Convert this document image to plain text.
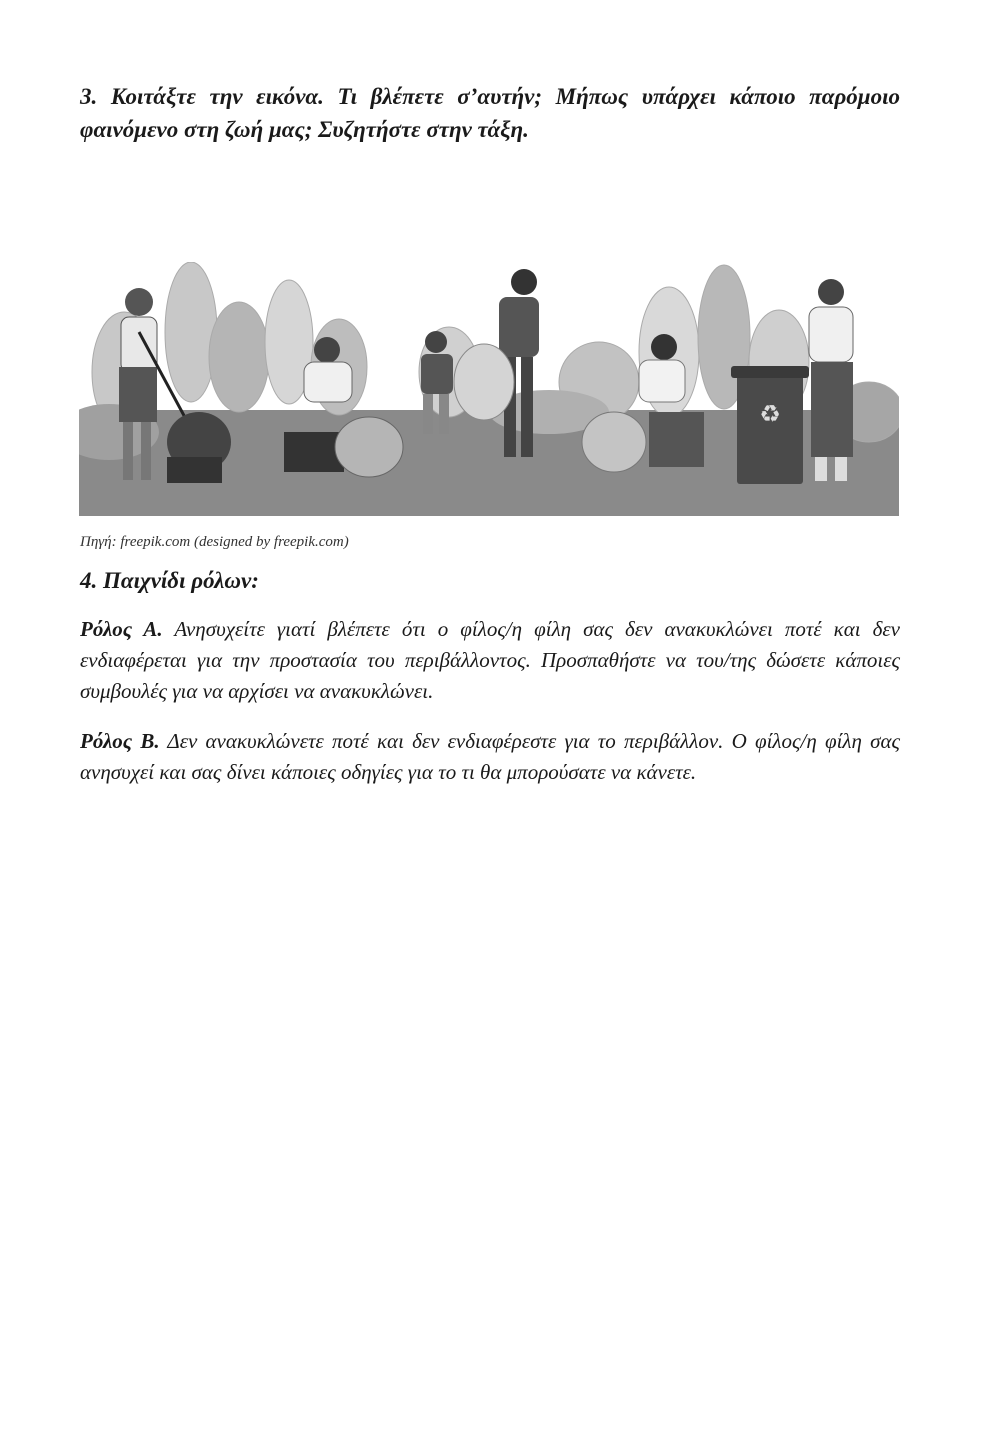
3. Κοιτάξτε την εικόνα. Τι βλέπετε σ’αυτήν; Μήπως υπάρχει κάποιο παρόμοιο φαινόμενο στη ζωή μας; Συζητήστε στην τάξη.

♻
Πηγή: freepik.com (designed by freepik.com)
4. Παιχνίδι ρόλων:

Ρόλος Α. Ανησυχείτε γιατί βλέπετε ότι ο φίλος/η φίλη σας δεν ανακυκλώνει ποτέ και δεν ενδιαφέρεται για την προστασία του περιβάλλοντος. Προσπαθήστε να του/της δώσετε κάποιες συμβουλές για να αρχίσει να ανακυκλώνει.

Ρόλος Β. Δεν ανακυκλώνετε ποτέ και δεν ενδιαφέρεστε για το περιβάλλον. Ο φίλος/η φίλη σας ανησυχεί και σας δίνει κάποιες οδηγίες για το τι θα μπορούσατε να κάνετε.
